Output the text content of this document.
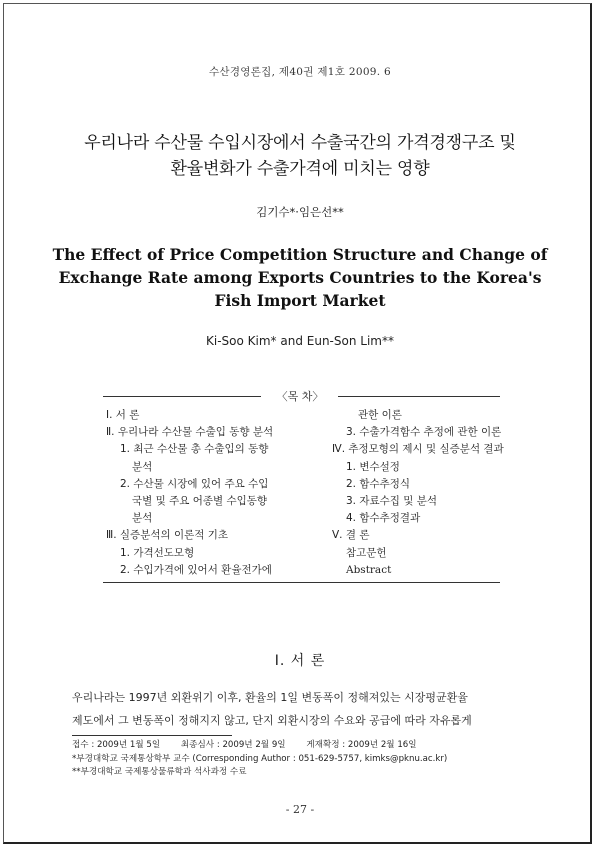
수산경영론집, 제40권 제1호 2009. 6
우리나라 수산물 수입시장에서 수출국간의 가격경쟁구조 및
환율변화가 수출가격에 미치는 영향
김기수*·임은선**
The Effect of Price Competition Structure and Change of
Exchange Rate among Exports Countries to the Korea's
Fish Import Market
Ki-Soo Kim* and Eun-Son Lim**
〈목 차〉
Ⅰ. 서 론
Ⅱ. 우리나라 수산물 수출입 동향 분석
1. 최근 수산물 총 수출입의 동향
분석
2. 수산물 시장에 있어 주요 수입
국별 및 주요 어종별 수입동향
분석
Ⅲ. 실증분석의 이론적 기초
1. 가격선도모형
2. 수입가격에 있어서 환율전가에
관한 이론
3. 수출가격함수 추정에 관한 이론
Ⅳ. 추정모형의 제시 및 실증분석 결과
1. 변수설정
2. 함수추정식
3. 자료수집 및 분석
4. 함수추정결과
Ⅴ. 결 론
참고문헌
Abstract
Ⅰ. 서 론
우리나라는 1997년 외환위기 이후, 환율의 1일 변동폭이 정해져있는 시장평균환율
제도에서 그 변동폭이 정해지지 않고, 단지 외환시장의 수요와 공급에 따라 자유롭게
접수 : 2009년 1월 5일 최종심사 : 2009년 2월 9일 게재확정 : 2009년 2월 16일
*부경대학교 국제통상학부 교수 (Corresponding Author : 051-629-5757, kimks@pknu.ac.kr)
**부경대학교 국제통상물류학과 석사과정 수료
- 27 -
